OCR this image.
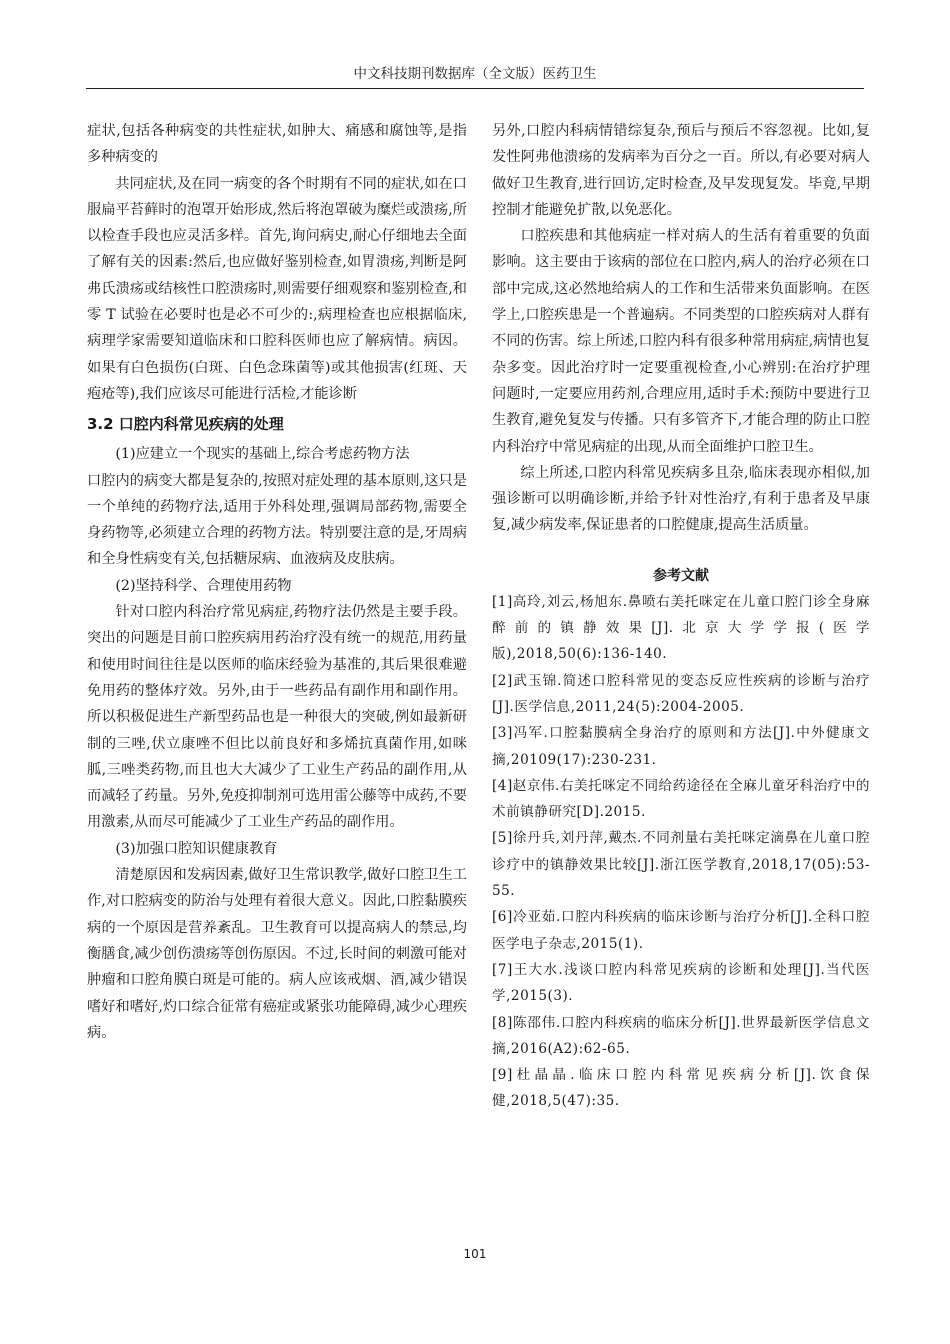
中文科技期刊数据库（全文版）医药卫生

症状,包括各种病变的共性症状,如肿大、痛感和腐蚀等,是指多种病变的

共同症状,及在同一病变的各个时期有不同的症状,如在口服扁平苔藓时的泡罩开始形成,然后将泡罩破为糜烂或溃疡,所以检查手段也应灵活多样。首先,询问病史,耐心仔细地去全面了解有关的因素:然后,也应做好鉴别检查,如胃溃疡,判断是阿弗氏溃疡或结核性口腔溃疡时,则需要仔细观察和鉴别检查,和零 T 试验在必要时也是必不可少的:,病理检查也应根据临床,病理学家需要知道临床和口腔科医师也应了解病情。病因。如果有白色损伤(白斑、白色念珠菌等)或其他损害(红斑、天疱疮等),我们应该尽可能进行活检,才能诊断

3.2 口腔内科常见疾病的处理

(1)应建立一个现实的基础上,综合考虑药物方法

口腔内的病变大都是复杂的,按照对症处理的基本原则,这只是一个单纯的药物疗法,适用于外科处理,强调局部药物,需要全身药物等,必须建立合理的药物方法。特别要注意的是,牙周病和全身性病变有关,包括糖尿病、血液病及皮肤病。

(2)坚持科学、合理使用药物

针对口腔内科治疗常见病症,药物疗法仍然是主要手段。突出的问题是目前口腔疾病用药治疗没有统一的规范,用药量和使用时间往往是以医师的临床经验为基准的,其后果很难避免用药的整体疗效。另外,由于一些药品有副作用和副作用。所以积极促进生产新型药品也是一种很大的突破,例如最新研制的三唑,伏立康唑不但比以前良好和多烯抗真菌作用,如咪胍,三唑类药物,而且也大大减少了工业生产药品的副作用,从而减轻了药量。另外,免疫抑制剂可选用雷公藤等中成药,不要用激素,从而尽可能减少了工业生产药品的副作用。

(3)加强口腔知识健康教育

清楚原因和发病因素,做好卫生常识教学,做好口腔卫生工作,对口腔病变的防治与处理有着很大意义。因此,口腔黏膜疾病的一个原因是营养紊乱。卫生教育可以提高病人的禁忌,均衡膳食,减少创伤溃疡等创伤原因。不过,长时间的刺激可能对肿瘤和口腔角膜白斑是可能的。病人应该戒烟、酒,减少错误嗜好和嗜好,灼口综合征常有癌症或紧张功能障碍,减少心理疾病。

另外,口腔内科病情错综复杂,预后与预后不容忽视。比如,复发性阿弗他溃疡的发病率为百分之一百。所以,有必要对病人做好卫生教育,进行回访,定时检查,及早发现复发。毕竟,早期控制才能避免扩散,以免恶化。

口腔疾患和其他病症一样对病人的生活有着重要的负面影响。这主要由于该病的部位在口腔内,病人的治疗必须在口部中完成,这必然地给病人的工作和生活带来负面影响。在医学上,口腔疾患是一个普遍病。不同类型的口腔疾病对人群有不同的伤害。综上所述,口腔内科有很多种常用病症,病情也复杂多变。因此治疗时一定要重视检查,小心辨别:在治疗护理问题时,一定要应用药剂,合理应用,适时手术:预防中要进行卫生教育,避免复发与传播。只有多管齐下,才能合理的防止口腔内科治疗中常见病症的出现,从而全面维护口腔卫生。

综上所述,口腔内科常见疾病多且杂,临床表现亦相似,加强诊断可以明确诊断,并给予针对性治疗,有利于患者及早康复,减少病发率,保证患者的口腔健康,提高生活质量。

参考文献

[1]高玲,刘云,杨旭东.鼻喷右美托咪定在儿童口腔门诊全身麻醉前的镇静效果[J].北京大学学报(医学版),2018,50(6):136-140.

[2]武玉锦.简述口腔科常见的变态反应性疾病的诊断与治疗[J].医学信息,2011,24(5):2004-2005.

[3]冯军.口腔黏膜病全身治疗的原则和方法[J].中外健康文摘,20109(17):230-231.

[4]赵京伟.右美托咪定不同给药途径在全麻儿童牙科治疗中的术前镇静研究[D].2015.

[5]徐丹兵,刘丹萍,戴杰.不同剂量右美托咪定滴鼻在儿童口腔诊疗中的镇静效果比较[J].浙江医学教育,2018,17(05):53-55.

[6]冷亚茹.口腔内科疾病的临床诊断与治疗分析[J].全科口腔医学电子杂志,2015(1).

[7]王大水.浅谈口腔内科常见疾病的诊断和处理[J].当代医学,2015(3).

[8]陈邵伟.口腔内科疾病的临床分析[J].世界最新医学信息文摘,2016(A2):62-65.

[9]杜晶晶.临床口腔内科常见疾病分析[J].饮食保健,2018,5(47):35.

101
